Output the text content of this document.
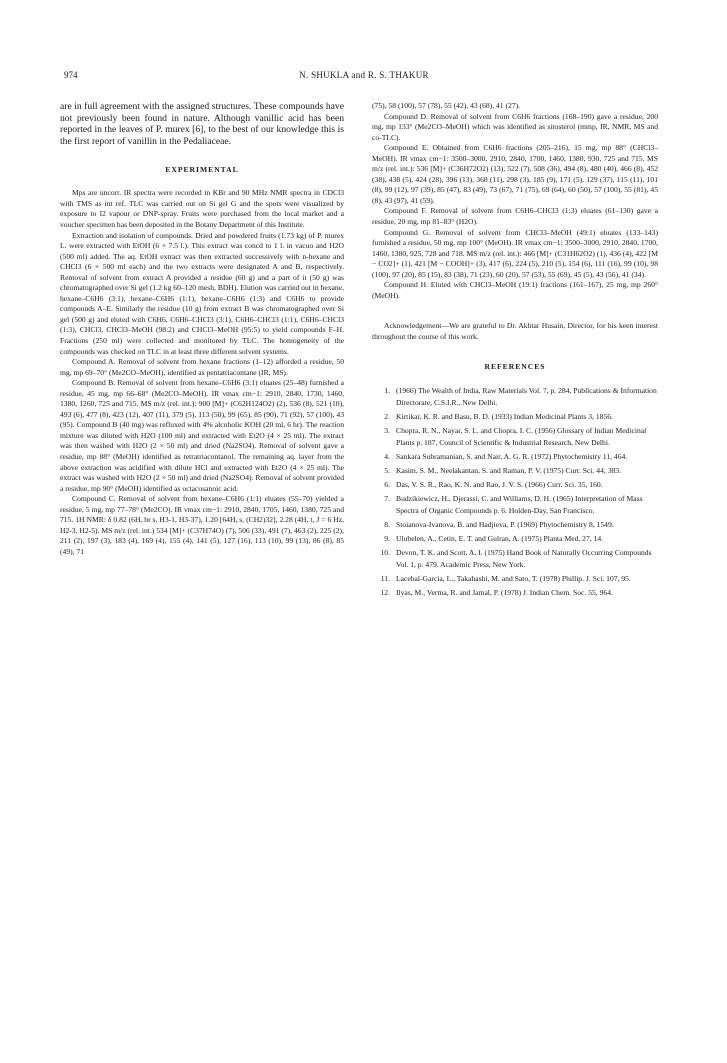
974	N. SHUKLA and R. S. THAKUR

are in full agreement with the assigned structures. These compounds have not previously been found in nature. Although vanillic acid has been reported in the leaves of P. murex [6], to the best of our knowledge this is the first report of vanillin in the Pedaliaceae.

EXPERIMENTAL

Mps are uncorr. IR spectra were recorded in KBr and 90 MHz NMR spectra in CDCl3 with TMS as int ref. TLC was carried out on Si gel G and the spots were visualized by exposure to I2 vapour or DNP-spray. Fruits were purchased from the local market and a voucher specimen has been deposited in the Botany Department of this Institute.

Extraction and isolation of compounds. Dried and powdered fruits (1.73 kg) of P. murex L. were extracted with EtOH (6 × 7.5 l.). This extract was concd to 1 l. in vacuo and H2O (500 ml) added. The aq. EtOH extract was then extracted successively with n-hexane and CHCl3 (6 × 500 ml each) and the two extracts were designated A and B, respectively. Removal of solvent from extract A provided a residue (60 g) and a part of it (50 g) was chromatographed over Si gel (1.2 kg 60–120 mesh, BDH). Elution was carried out in hexane, hexane–C6H6 (3:1), hexane–C6H6 (1:1), hexane–C6H6 (1:3) and C6H6 to provide compounds A–E. Similarly the residue (10 g) from extract B was chromatographed over Si gel (500 g) and eluted with C6H6, C6H6–CHCl3 (3:1), C6H6–CHCl3 (1:1), C6H6–CHCl3 (1:3), CHCl3, CHCl3–MeOH (98:2) and CHCl3–MeOH (95:5) to yield compounds F–H. Fractions (250 ml) were collected and monitored by TLC. The homogeneity of the compounds was checked on TLC in at least three different solvent systems.

Compound A. Removal of solvent from hexane fractions (1–12) afforded a residue, 50 mg, mp 69–70° (Me2CO–MeOH), identified as pentatriacontane (IR, MS).

Compound B. Removal of solvent from hexane–C6H6 (3:1) eluates (25–48) furnished a residue, 45 mg, mp 66–68° (Me2CO–MeOH). IR νmax cm−1: 2910, 2840, 1730, 1460, 1380, 1260, 725 and 715. MS m/z (rel. int.): 900 [M]+ (C62H124O2) (2), 536 (8), 521 (10), 493 (6), 477 (8), 423 (12), 407 (11), 379 (5), 113 (50), 99 (65), 85 (90), 71 (92), 57 (100), 43 (95). Compound B (40 mg) was refluxed with 4% alcoholic KOH (20 ml, 6 hr). The reaction mixture was diluted with H2O (100 ml) and extracted with Et2O (4 × 25 ml). The extract was then washed with H2O (2 × 50 ml) and dried (Na2SO4). Removal of solvent gave a residue, mp 88° (MeOH) identified as tetratriacontanol. The remaining aq. layer from the above extraction was acidified with dilute HCl and extracted with Et2O (4 × 25 ml). The extract was washed with H2O (2 × 50 ml) and dried (Na2SO4). Removal of solvent provided a residue, mp 90° (MeOH) identified as octacosanoic acid.

Compound C. Removal of solvent from hexane–C6H6 (1:1) eluates (55–70) yielded a residue, 5 mg, mp 77–78° (Me2CO). IR νmax cm−1: 2910, 2840, 1705, 1460, 1380, 725 and 715. 1H NMR: δ 0.82 (6H, br s, H3-1, H3-37), 1.20 [64H, s, (CH2)32], 2.28 (4H, t, J = 6 Hz, H2-3, H2-5). MS m/z (rel. int.) 534 [M]+ (C37H74O) (7), 506 (33), 491 (7), 463 (2), 225 (2), 211 (2), 197 (3), 183 (4), 169 (4), 155 (4), 141 (5), 127 (16), 113 (10), 99 (13), 86 (8), 85 (49), 71

(75), 58 (100), 57 (78), 55 (42), 43 (68), 41 (27).

Compound D. Removal of solvent from C6H6 fractions (168–190) gave a residue, 200 mg, mp 133° (Me2CO–MeOH) which was identified as sitosterol (mmp, IR, NMR, MS and co-TLC).

Compound E. Obtained from C6H6 fractions (205–216), 15 mg, mp 88° (CHCl3–MeOH). IR νmax cm−1: 3500–3000, 2910, 2840, 1700, 1460, 1380, 930, 725 and 715. MS m/z (rel. int.): 536 [M]+ (C36H72O2) (13), 522 (7), 508 (36), 494 (8), 480 (40), 466 (8), 452 (38), 438 (5), 424 (28), 396 (13), 368 (11), 298 (3), 185 (9), 171 (5), 129 (37), 115 (11), 101 (8), 99 (12), 97 (39), 85 (47), 83 (49), 73 (67), 71 (75), 69 (64), 60 (50), 57 (100), 55 (81), 45 (8), 43 (97), 41 (59).

Compound F. Removal of solvent from C6H6–CHCl3 (1:3) eluates (61–130) gave a residue, 20 mg, mp 81–83° (H2O).

Compound G. Removal of solvent from CHCl3–MeOH (49:1) eluates (133–143) furnished a residue, 50 mg, mp 100° (MeOH). IR νmax cm−1: 3500–3000, 2910, 2840, 1700, 1460, 1380, 925, 728 and 718. MS m/z (rel. int.): 466 [M]+ (C31H62O2) (1), 436 (4), 422 [M − CO2]+ (1), 421 [M − COOH]+ (3), 417 (6), 224 (5), 210 (5), 154 (6), 111 (16), 99 (10), 98 (100), 97 (20), 85 (15), 83 (38), 71 (23), 60 (20), 57 (53), 55 (69), 45 (5), 43 (56), 41 (34).

Compound H. Eluted with CHCl3–MeOH (19:1) fractions (161–167), 25 mg, mp 260° (MeOH).

Acknowledgement—We are grateful to Dr. Akhtar Husain, Director, for his keen interest throughout the course of this work.

REFERENCES
1. (1966) The Wealth of India, Raw Materials Vol. 7, p. 284, Publications & Information Directorate, C.S.I.R., New Delhi.
2. Kirtikar, K. R. and Basu, B. D. (1933) Indian Medicinal Plants 3, 1856.
3. Chopra, R. N., Nayar, S. L. and Chopra, I. C. (1956) Glossary of Indian Medicinal Plants p. 187. Council of Scientific & Industrial Research, New Delhi.
4. Sankara Subramanian, S. and Nair, A. G. R. (1972) Phytochemistry 11, 464.
5. Kasim, S. M., Neelakantan, S. and Raman, P. V. (1975) Curr. Sci. 44, 383.
6. Das, V. S. R., Rao, K. N. and Rao, J. V. S. (1966) Curr. Sci. 35, 160.
7. Budzikiewicz, H., Djerassi, C. and Williams, D. H. (1965) Interpretation of Mass Spectra of Organic Compounds p. 6. Holden-Day, San Francisco.
8. Stoianova-Ivanova, B. and Hadjieva, P. (1969) Phytochemistry 8, 1549.
9. Ulubelen, A., Cetin, E. T. and Gulran, A. (1975) Planta Med. 27, 14.
10. Devon, T. K. and Scott, A. I. (1975) Hand Book of Naturally Occurring Compounds Vol. 1, p. 479. Academic Press, New York.
11. Lacebal-Garcia, L., Takahashi, M. and Sato, T. (1978) Phillip. J. Sci. 107, 95.
12. Ilyas, M., Verma, R. and Jamal, P. (1978) J. Indian Chem. Soc. 55, 964.
